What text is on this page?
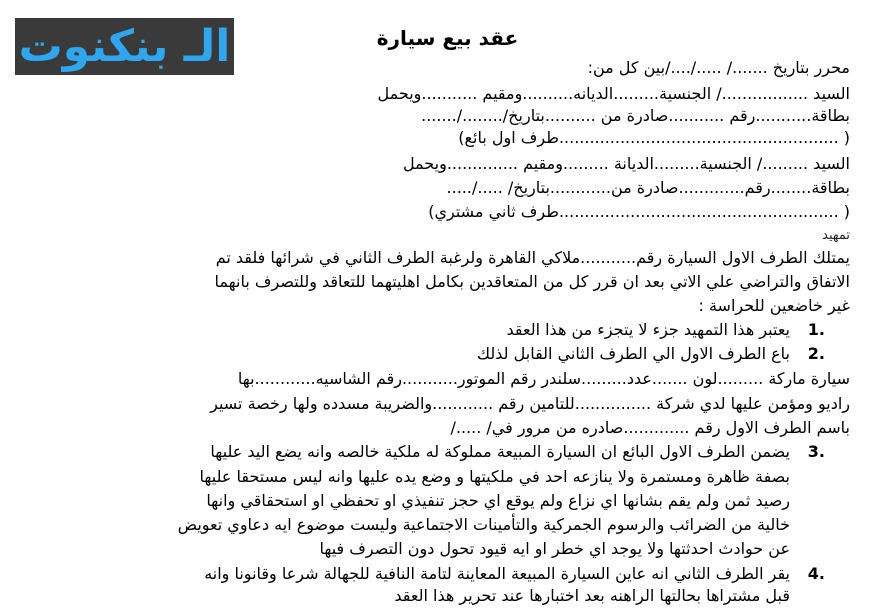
الـ بنكنوت	عقد بيع سيارة
محرر بتاريخ ......./ ...../..../بين كل من:
السيد ................./ الجنسية.........الديانه..........ومقيم ...........ويحمل
بطاقة...........رقم ...........صادرة من ..........بتاريخ/......../.......
( .......................................................طرف اول بائع)
السيد ........./ الجنسية.........الديانة .........ومقيم ..............ويحمل
بطاقة........رقم.............صادرة من............بتاريخ/ ...../.....
( .......................................................طرف ثاني مشتري)
تمهيد
يمتلك الطرف الاول السيارة رقم...........ملاكي القاهرة ولرغبة الطرف الثاني في شرائها فلقد تم
الاتفاق والتراضي علي الاتي بعد ان قرر كل من المتعاقدين بكامل اهليتهما للتعاقد وللتصرف بانهما
غير خاضعين للحراسة :
1.
يعتبر هذا التمهيد جزء لا يتجزء من هذا العقد
2.
باع الطرف الاول الي الطرف الثاني القابل لذلك
سيارة ماركة .........لون .......عدد.........سلندر رقم الموتور...........رقم الشاسيه............بها
راديو ومؤمن عليها لدي شركة ...............للتامين رقم ............والضريبة مسدده ولها رخصة تسير
باسم الطرف الاول رقم .............صادره من مرور في/ ...../
3.
يضمن الطرف الاول البائع ان السيارة المبيعة مملوكة له ملكية خالصه وانه يضع اليد عليها
بصفة ظاهرة ومستمرة ولا ينازعه احد في ملكيتها و وضع يده عليها وانه ليس مستحقا عليها
رصيد ثمن ولم يقم بشانها اي نزاع ولم يوقع اي حجز تنفيذي او تحفظي او استحقاقي وانها
خالية من الضرائب والرسوم الجمركية والتأمينات الاجتماعية وليست موضوع ايه دعاوي تعويض
عن حوادث احدثتها ولا يوجد اي خطر او ايه قيود تحول دون التصرف فيها
4.
يقر الطرف الثاني انه عاين السيارة المبيعة المعاينة لتامة النافية للجهالة شرعا وقانونا وانه
قبل مشتراها بحالتها الراهنه بعد اختبارها عند تحرير هذا العقد
